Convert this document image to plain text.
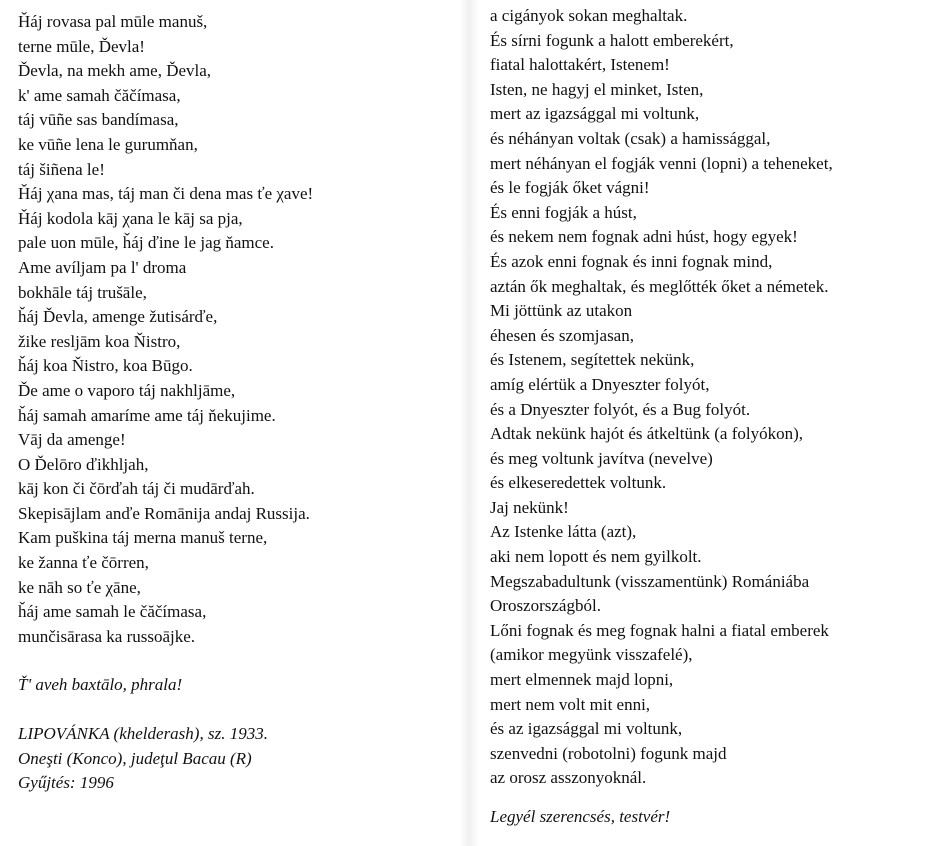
Ȟáj rovasa pal mūle manuš,

terne mūle, Ďevla!

Ďevla, na mekh ame, Ďevla,

k' ame samah čăčímasa,

táj vūñe sas bandímasa,

ke vūñe lena le gurumňan,

táj šiñena le!

Ȟáj χana mas, táj man či dena mas ťe χave!

Ȟáj kodola kāj χana le kāj sa pja,

pale uon mūle, ȟáj ďine le jag ňamce.

Ame avíljam pa l' droma

bokhāle táj trušāle,

ȟáj Ďevla, amenge žutisárďe,

žike resljām koa Ňistro,

ȟáj koa Ňistro, koa Būgo.

Ďe ame o vaporo táj nakhljāme,

ȟáj samah amaríme ame táj ňekujime.

Vāj da amenge!

O Ďelōro ďikhljah,

kāj kon či čōrďah táj či mudārďah.

Skepisājlam anďe Romānija andaj Russija.

Kam puškina táj merna manuš terne,

ke žanna ťe čōrren,

ke nāh so ťe χāne,

ȟáj ame samah le čăčímasa,

munčisārasa ka russoājke.

Ť' aveh baxtālo, phrala!

LIPOVÁNKA (khelderash), sz. 1933.

Oneşti (Konco), judeţul Bacau (R)

Gyűjtés: 1996

a cigányok sokan meghaltak.

És sírni fogunk a halott emberekért,

fiatal halottakért, Istenem!

Isten, ne hagyj el minket, Isten,

mert az igazsággal mi voltunk,

és néhányan voltak (csak) a hamissággal,

mert néhányan el fogják venni (lopni) a teheneket,

és le fogják őket vágni!

És enni fogják a húst,

és nekem nem fognak adni húst, hogy egyek!

És azok enni fognak és inni fognak mind,

aztán ők meghaltak, és meglőtték őket a németek.

Mi jöttünk az utakon

éhesen és szomjasan,

és Istenem, segítettek nekünk,

amíg elértük a Dnyeszter folyót,

és a Dnyeszter folyót, és a Bug folyót.

Adtak nekünk hajót és átkeltünk (a folyókon),

és meg voltunk javítva (nevelve)

és elkeseredettek voltunk.

Jaj nekünk!

Az Istenke látta (azt),

aki nem lopott és nem gyilkolt.

Megszabadultunk (visszamentünk) Romániába

Oroszországból.

Lőni fognak és meg fognak halni a fiatal emberek

(amikor megyünk visszafelé),

mert elmennek majd lopni,

mert nem volt mit enni,

és az igazsággal mi voltunk,

szenvedni (robotolni) fogunk majd

az orosz asszonyoknál.

Legyél szerencsés, testvér!
